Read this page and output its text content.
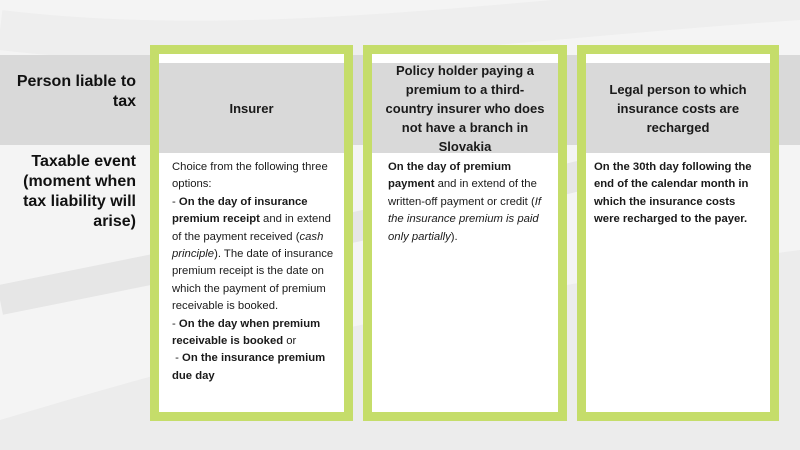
Person liable to tax
Taxable event (moment when tax liability will arise)
Insurer
Choice from the following three options:
- On the day of insurance premium receipt and in extend of the payment received (cash principle). The date of insurance premium receipt is the date on which the payment of premium receivable is booked.
- On the day when premium receivable is booked or
- On the insurance premium due day
Policy holder paying a premium to a third-country insurer who does not have a branch in Slovakia
On the day of premium payment and in extend of the written-off payment or credit (If the insurance premium is paid only partially).
Legal person to which insurance costs are recharged
On the 30th day following the end of the calendar month in which the insurance costs were recharged to the payer.
